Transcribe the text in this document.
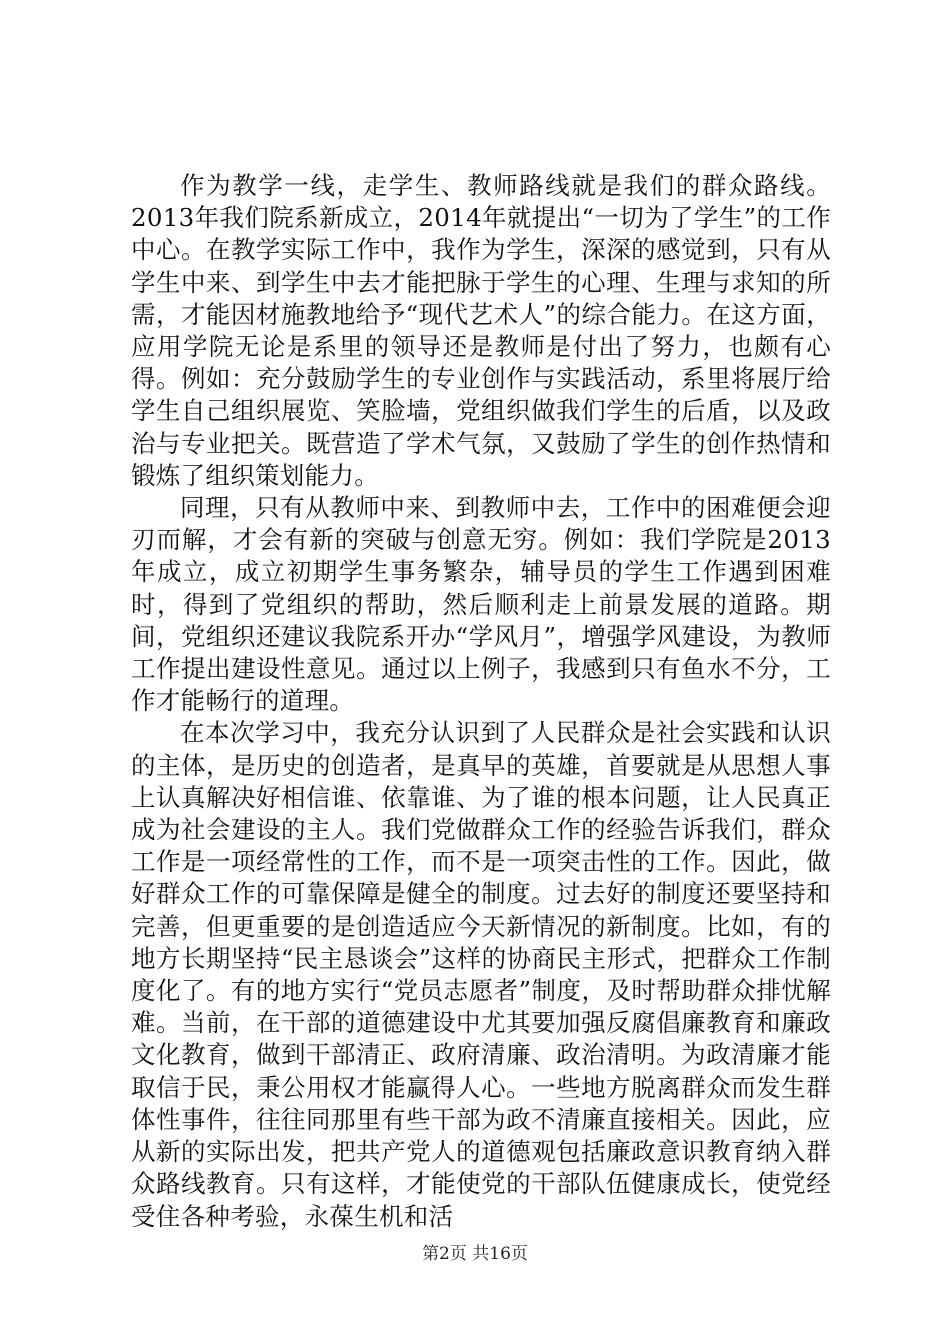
作为教学一线，走学生、教师路线就是我们的群众路线。2013年我们院系新成立，2014年就提出“一切为了学生”的工作中心。在教学实际工作中，我作为学生，深深的感觉到，只有从学生中来、到学生中去才能把脉于学生的心理、生理与求知的所需，才能因材施教地给予“现代艺术人”的综合能力。在这方面，应用学院无论是系里的领导还是教师是付出了努力，也颇有心得。例如：充分鼓励学生的专业创作与实践活动，系里将展厅给学生自己组织展览、笑脸墙，党组织做我们学生的后盾，以及政治与专业把关。既营造了学术气氛，又鼓励了学生的创作热情和锻炼了组织策划能力。

同理，只有从教师中来、到教师中去，工作中的困难便会迎刃而解，才会有新的突破与创意无穷。例如：我们学院是2013年成立，成立初期学生事务繁杂，辅导员的学生工作遇到困难时，得到了党组织的帮助，然后顺利走上前景发展的道路。期间，党组织还建议我院系开办“学风月”，增强学风建设，为教师工作提出建设性意见。通过以上例子，我感到只有鱼水不分，工作才能畅行的道理。

在本次学习中，我充分认识到了人民群众是社会实践和认识的主体，是历史的创造者，是真早的英雄，首要就是从思想人事上认真解决好相信谁、依靠谁、为了谁的根本问题，让人民真正成为社会建设的主人。我们党做群众工作的经验告诉我们，群众工作是一项经常性的工作，而不是一项突击性的工作。因此，做好群众工作的可靠保障是健全的制度。过去好的制度还要坚持和完善，但更重要的是创造适应今天新情况的新制度。比如，有的地方长期坚持“民主恳谈会”这样的协商民主形式，把群众工作制度化了。有的地方实行“党员志愿者”制度，及时帮助群众排忧解难。当前，在干部的道德建设中尤其要加强反腐倡廉教育和廉政文化教育，做到干部清正、政府清廉、政治清明。为政清廉才能取信于民，秉公用权才能赢得人心。一些地方脱离群众而发生群体性事件，往往同那里有些干部为政不清廉直接相关。因此，应从新的实际出发，把共产党人的道德观包括廉政意识教育纳入群众路线教育。只有这样，才能使党的干部队伍健康成长，使党经受住各种考验，永葆生机和活

第2页 共16页
